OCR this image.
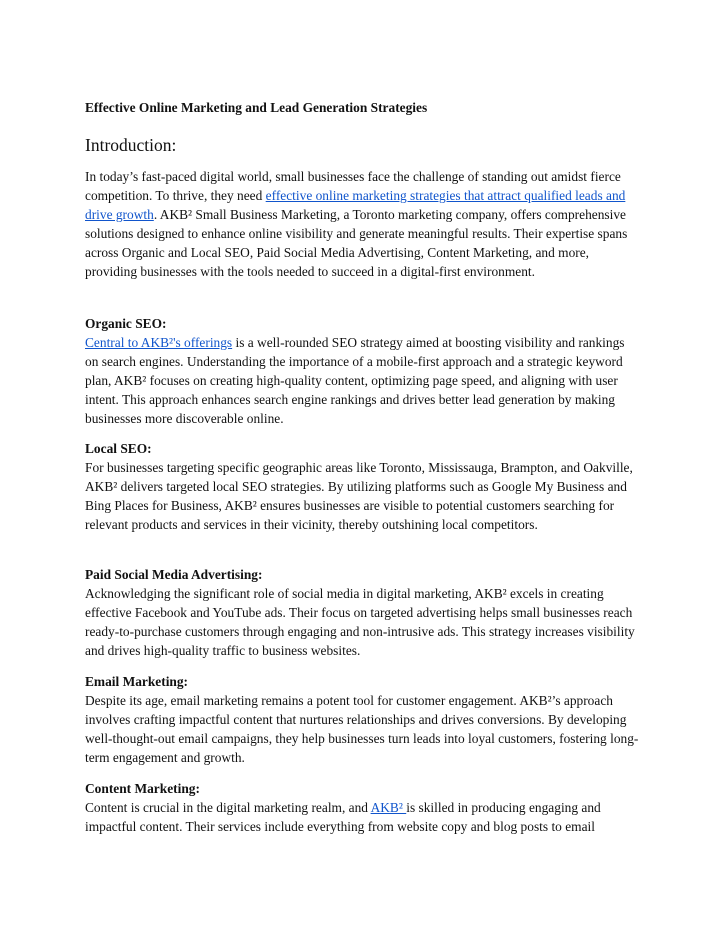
Effective Online Marketing and Lead Generation Strategies
Introduction:

In today’s fast-paced digital world, small businesses face the challenge of standing out amidst fierce competition. To thrive, they need effective online marketing strategies that attract qualified leads and drive growth. AKB² Small Business Marketing, a Toronto marketing company, offers comprehensive solutions designed to enhance online visibility and generate meaningful results. Their expertise spans across Organic and Local SEO, Paid Social Media Advertising, Content Marketing, and more, providing businesses with the tools needed to succeed in a digital-first environment.

Organic SEO:
Central to AKB²'s offerings is a well-rounded SEO strategy aimed at boosting visibility and rankings on search engines. Understanding the importance of a mobile-first approach and a strategic keyword plan, AKB² focuses on creating high-quality content, optimizing page speed, and aligning with user intent. This approach enhances search engine rankings and drives better lead generation by making businesses more discoverable online.

Local SEO:
For businesses targeting specific geographic areas like Toronto, Mississauga, Brampton, and Oakville, AKB² delivers targeted local SEO strategies. By utilizing platforms such as Google My Business and Bing Places for Business, AKB² ensures businesses are visible to potential customers searching for relevant products and services in their vicinity, thereby outshining local competitors.

Paid Social Media Advertising:
Acknowledging the significant role of social media in digital marketing, AKB² excels in creating effective Facebook and YouTube ads. Their focus on targeted advertising helps small businesses reach ready-to-purchase customers through engaging and non-intrusive ads. This strategy increases visibility and drives high-quality traffic to business websites.

Email Marketing:
Despite its age, email marketing remains a potent tool for customer engagement. AKB²’s approach involves crafting impactful content that nurtures relationships and drives conversions. By developing well-thought-out email campaigns, they help businesses turn leads into loyal customers, fostering long-term engagement and growth.

Content Marketing:
Content is crucial in the digital marketing realm, and AKB² is skilled in producing engaging and impactful content. Their services include everything from website copy and blog posts to email
